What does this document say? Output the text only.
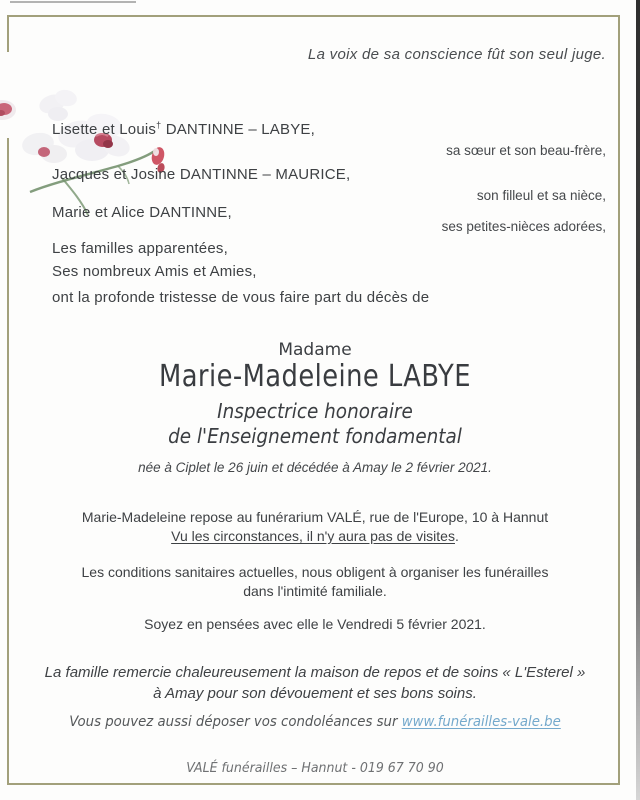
La voix de sa conscience fût son seul juge.
Lisette et Louis† DANTINNE – LABYE,
sa sœur et son beau-frère,
Jacques et Josine DANTINNE – MAURICE,
son filleul et sa nièce,
Marie et Alice DANTINNE,
ses petites-nièces adorées,
Les familles apparentées,
Ses nombreux Amis et Amies,
ont la profonde tristesse de vous faire part du décès de
Madame
Marie-Madeleine LABYE
Inspectrice honoraire
de l'Enseignement fondamental
née à Ciplet le 26 juin et décédée à Amay le 2 février 2021.
Marie-Madeleine repose au funérarium VALÉ, rue de l'Europe, 10 à Hannut
Vu les circonstances, il n'y aura pas de visites.
Les conditions sanitaires actuelles, nous obligent à organiser les funérailles
dans l'intimité familiale.
Soyez en pensées avec elle le Vendredi 5 février 2021.
La famille remercie chaleureusement la maison de repos et de soins « L'Esterel »
à Amay pour son dévouement et ses bons soins.
Vous pouvez aussi déposer vos condoléances sur www.funérailles-vale.be
VALÉ funérailles – Hannut - 019 67 70 90
